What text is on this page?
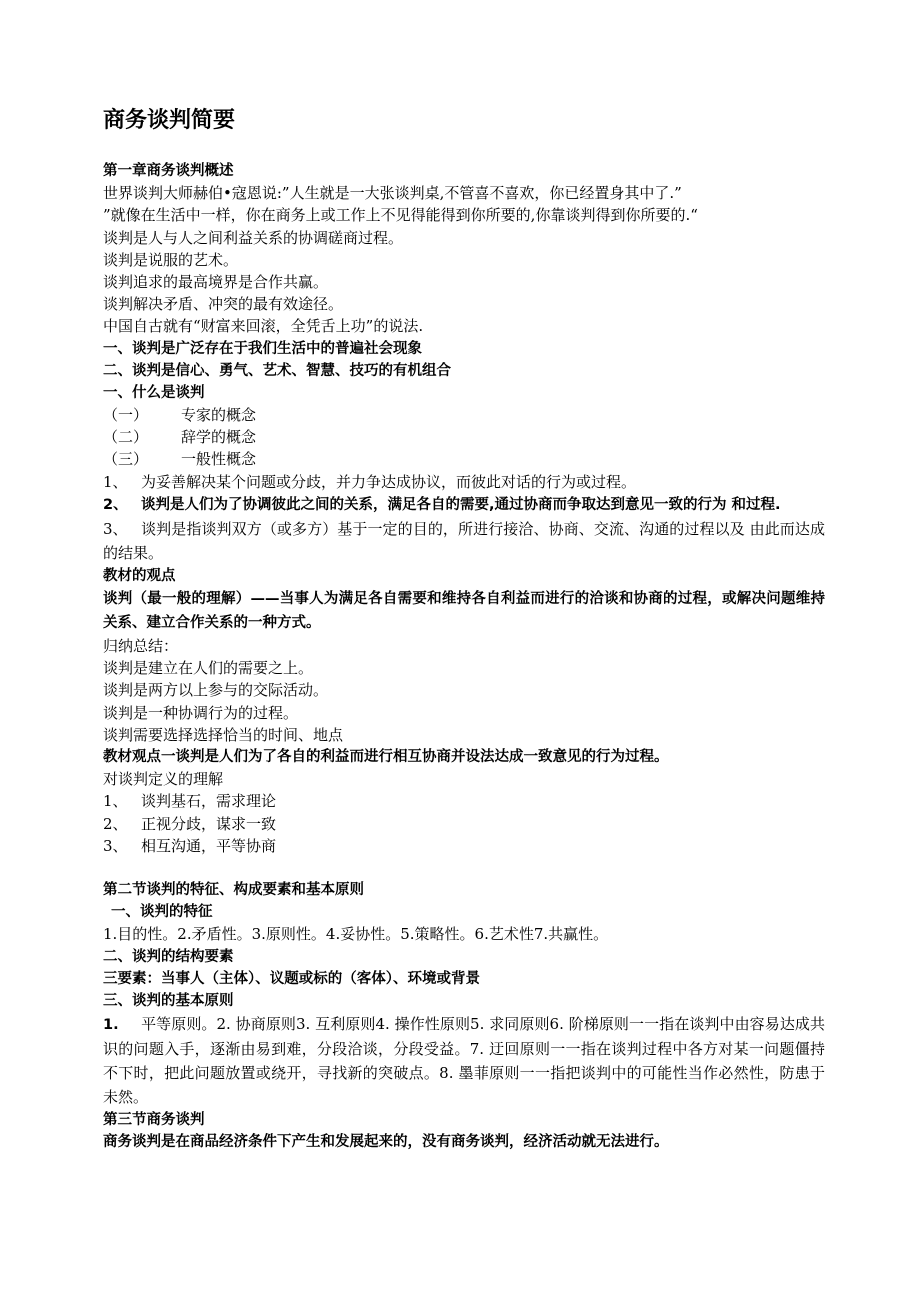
商务谈判简要
第一章商务谈判概述
世界谈判大师赫伯•寇恩说:”人生就是一大张谈判桌,不管喜不喜欢，你已经置身其中了.”
”就像在生活中一样，你在商务上或工作上不见得能得到你所要的,你靠谈判得到你所要的.“
谈判是人与人之间利益关系的协调磋商过程。
谈判是说服的艺术。
谈判追求的最高境界是合作共赢。
谈判解决矛盾、冲突的最有效途径。
中国自古就有“财富来回滚，全凭舌上功”的说法.
一、谈判是广泛存在于我们生活中的普遍社会现象
二、谈判是信心、勇气、艺术、智慧、技巧的有机组合
一、什么是谈判
（一） 专家的概念
（二） 辞学的概念
（三） 一般性概念
1、 为妥善解决某个问题或分歧，并力争达成协议，而彼此对话的行为或过程。
2、 谈判是人们为了协调彼此之间的关系，满足各自的需要,通过协商而争取达到意见一致的行为 和过程.
3、 谈判是指谈判双方（或多方）基于一定的目的，所进行接洽、协商、交流、沟通的过程以及 由此而达成的结果。
教材的观点
谈判（最一般的理解）——当事人为满足各自需要和维持各自利益而进行的洽谈和协商的过程，或解决问题维持关系、建立合作关系的一种方式。
归纳总结：
谈判是建立在人们的需要之上。
谈判是两方以上参与的交际活动。
谈判是一种协调行为的过程。
谈判需要选择选择恰当的时间、地点
教材观点一谈判是人们为了各自的利益而进行相互协商并设法达成一致意见的行为过程。
对谈判定义的理解
1、 谈判基石，需求理论
2、 正视分歧，谋求一致
3、 相互沟通，平等协商
第二节谈判的特征、构成要素和基本原则
一、谈判的特征
1.目的性。2.矛盾性。3.原则性。4.妥协性。5.策略性。6.艺术性7.共赢性。
二、谈判的结构要素
三要素：当事人（主体）、议题或标的（客体）、环境或背景
三、谈判的基本原则
1. 平等原则。2. 协商原则3. 互利原则4. 操作性原则5. 求同原则6. 阶梯原则一一指在谈判中由容易达成共识的问题入手，逐渐由易到难，分段洽谈，分段受益。7. 迂回原则一一指在谈判过程中各方对某一问题僵持不下时，把此问题放置或绕开，寻找新的突破点。8. 墨菲原则一一指把谈判中的可能性当作必然性，防患于未然。
第三节商务谈判
商务谈判是在商品经济条件下产生和发展起来的，没有商务谈判，经济活动就无法进行。
